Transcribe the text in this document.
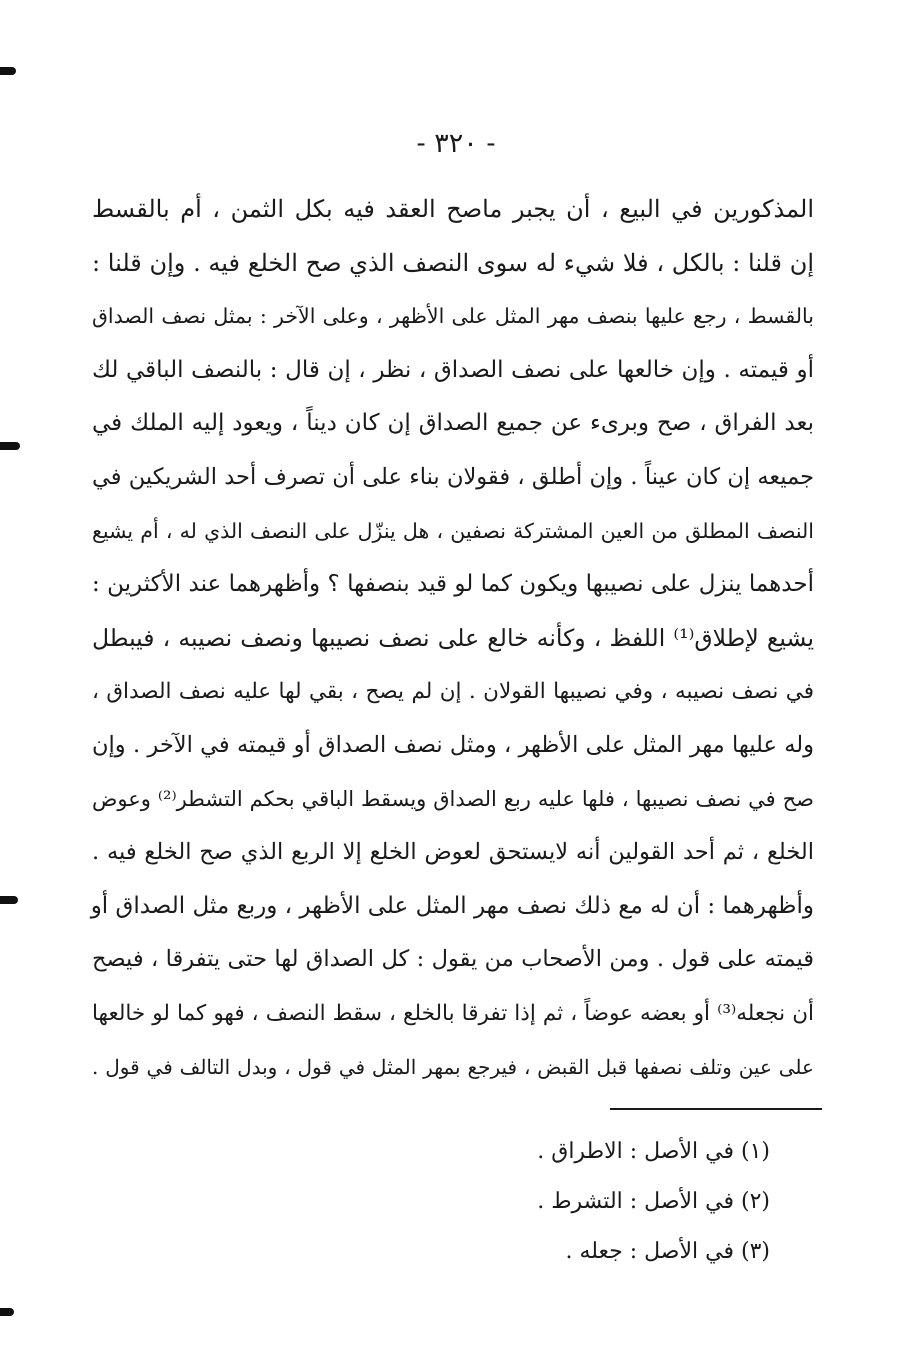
- ٣٢٠ -
المذكورين في البيع ، أن يجبر ماصح العقد فيه بكل الثمن ، أم بالقسط
إن قلنا : بالكل ، فلا شيء له سوى النصف الذي صح الخلع فيه . وإن قلنا :
بالقسط ، رجع عليها بنصف مهر المثل على الأظهر ، وعلى الآخر : بمثل نصف الصداق
أو قيمته . وإن خالعها على نصف الصداق ، نظر ، إن قال : بالنصف الباقي لك
بعد الفراق ، صح وبرىء عن جميع الصداق إن كان ديناً ، ويعود إليه الملك في
جميعه إن كان عيناً . وإن أطلق ، فقولان بناء على أن تصرف أحد الشريكين في
النصف المطلق من العين المشتركة نصفين ، هل ينزّل على النصف الذي له ، أم يشيع
أحدهما ينزل على نصيبها ويكون كما لو قيد بنصفها ؟ وأظهرهما عند الأكثرين :
يشيع لإطلاق⁽¹⁾ اللفظ ، وكأنه خالع على نصف نصيبها ونصف نصيبه ، فيبطل
في نصف نصيبه ، وفي نصيبها القولان . إن لم يصح ، بقي لها عليه نصف الصداق ،
وله عليها مهر المثل على الأظهر ، ومثل نصف الصداق أو قيمته في الآخر . وإن
صح في نصف نصيبها ، فلها عليه ربع الصداق ويسقط الباقي بحكم التشطر⁽²⁾ وعوض
الخلع ، ثم أحد القولين أنه لايستحق لعوض الخلع إلا الربع الذي صح الخلع فيه .
وأظهرهما : أن له مع ذلك نصف مهر المثل على الأظهر ، وربع مثل الصداق أو
قيمته على قول . ومن الأصحاب من يقول : كل الصداق لها حتى يتفرقا ، فيصح
أن نجعله⁽³⁾ أو بعضه عوضاً ، ثم إذا تفرقا بالخلع ، سقط النصف ، فهو كما لو خالعها
على عين وتلف نصفها قبل القبض ، فيرجع بمهر المثل في قول ، وبدل التالف في قول .
(١) في الأصل : الاطراق .
(٢) في الأصل : التشرط .
(٣) في الأصل : جعله .
